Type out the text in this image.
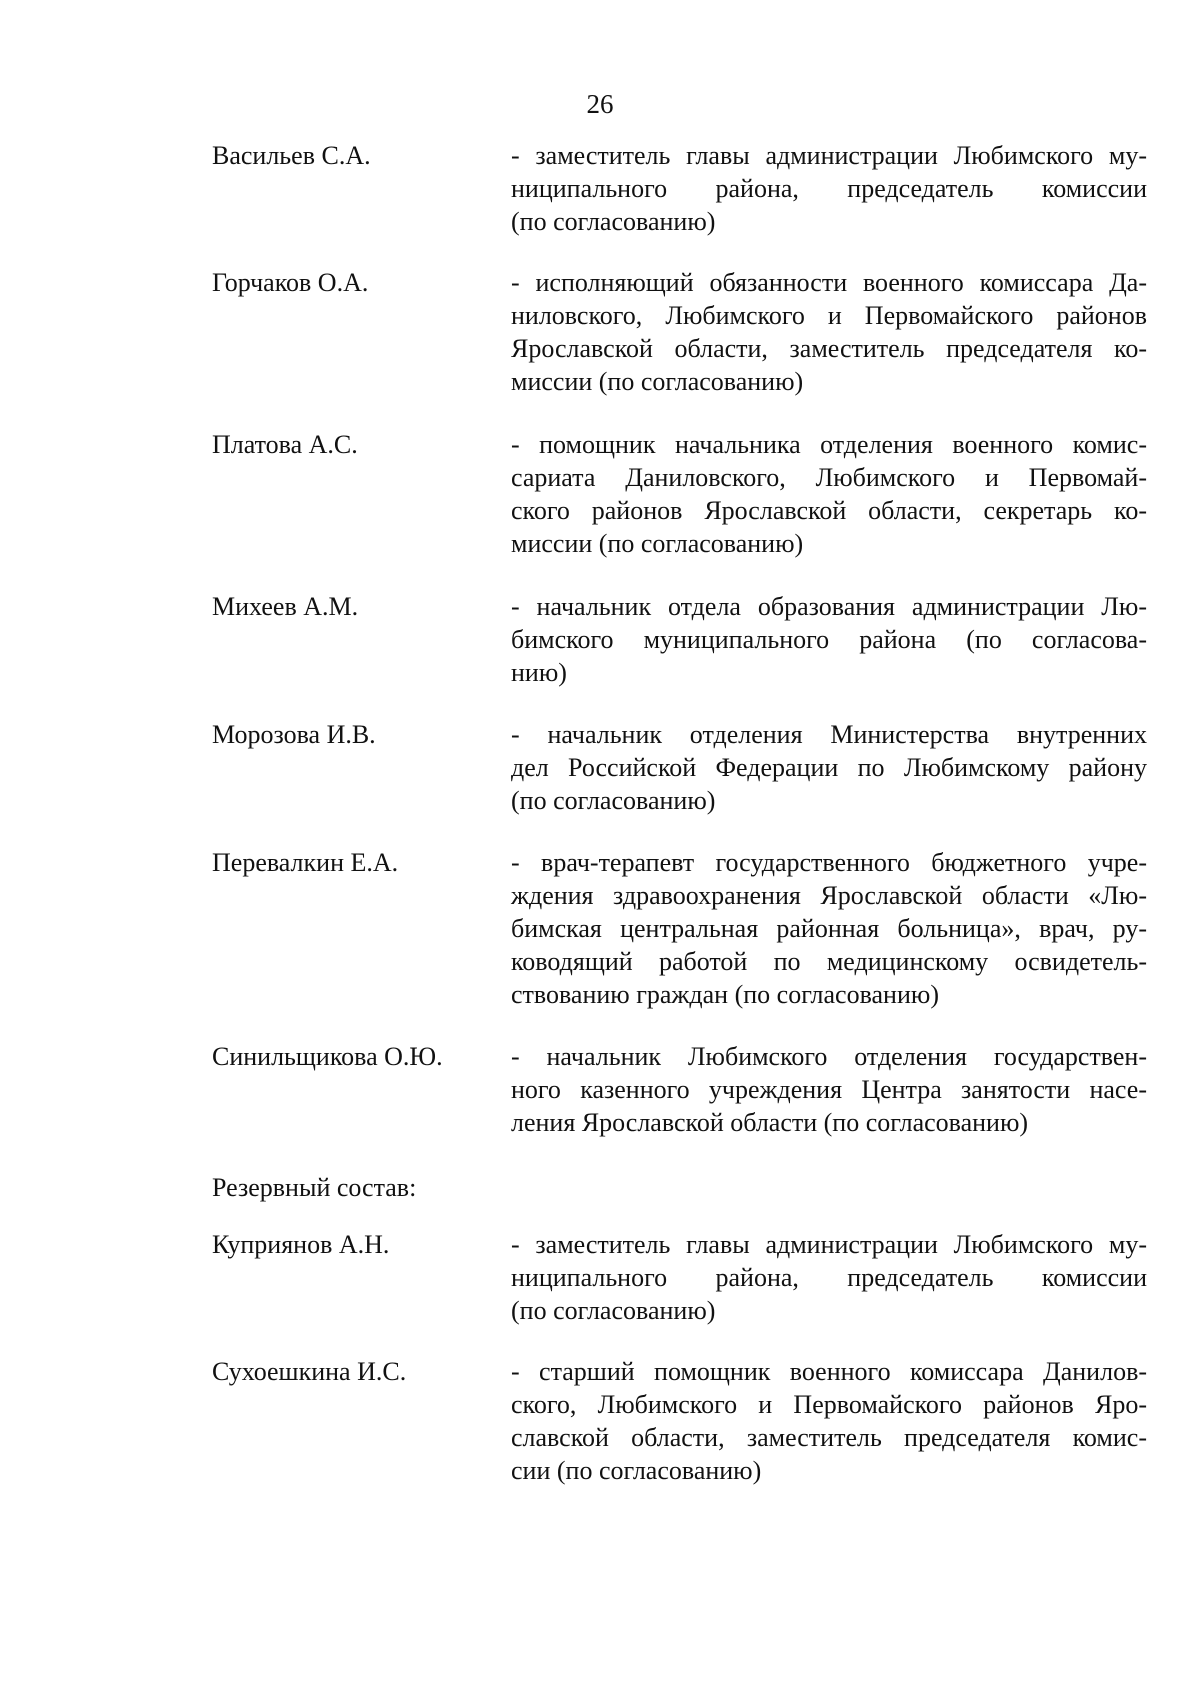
26
Васильев С.А.	- заместитель главы администрации Любимского му-
ниципального района, председатель комиссии
(по согласованию)
Горчаков О.А.	- исполняющий обязанности военного комиссара Да-
ниловского, Любимского и Первомайского районов
Ярославской области, заместитель председателя ко-
миссии (по согласованию)
Платова А.С.	- помощник начальника отделения военного комис-
сариата Даниловского, Любимского и Первомай-
ского районов Ярославской области, секретарь ко-
миссии (по согласованию)
Михеев А.М.	- начальник отдела образования администрации Лю-
бимского муниципального района (по согласова-
нию)
Морозова И.В.	- начальник отделения Министерства внутренних
дел Российской Федерации по Любимскому району
(по согласованию)
Перевалкин Е.А.	- врач-терапевт государственного бюджетного учре-
ждения здравоохранения Ярославской области «Лю-
бимская центральная районная больница», врач, ру-
ководящий работой по медицинскому освидетель-
ствованию граждан (по согласованию)
Синильщикова О.Ю.	- начальник Любимского отделения государствен-
ного казенного учреждения Центра занятости насе-
ления Ярославской области (по согласованию)
Резервный состав:
Куприянов А.Н.	- заместитель главы администрации Любимского му-
ниципального района, председатель комиссии
(по согласованию)
Сухоешкина И.С.	- старший помощник военного комиссара Данилов-
ского, Любимского и Первомайского районов Яро-
славской области, заместитель председателя комис-
сии (по согласованию)
